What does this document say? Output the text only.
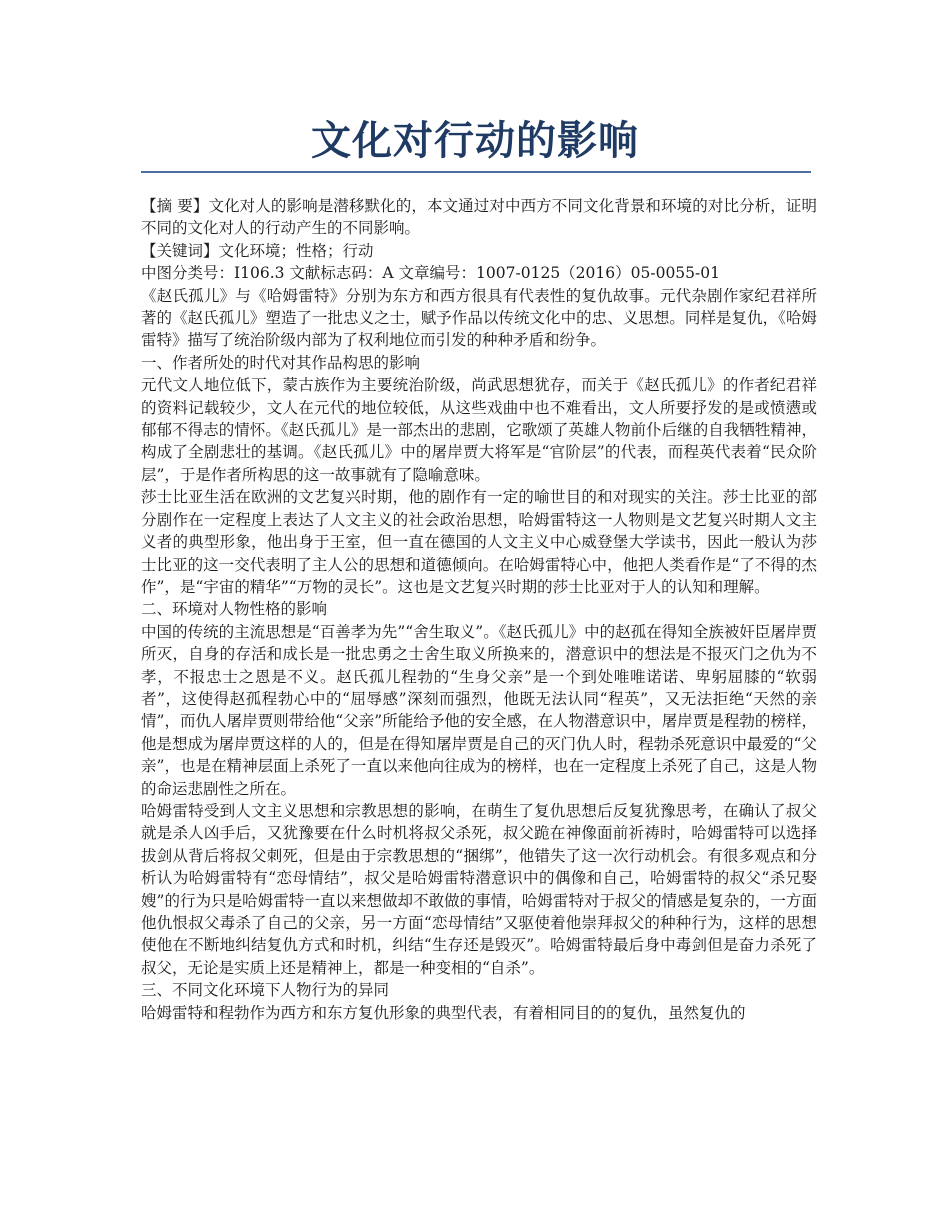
文化对行动的影响

【摘 要】文化对人的影响是潜移默化的，本文通过对中西方不同文化背景和环境的对比分析，证明不同的文化对人的行动产生的不同影响。

【关键词】文化环境；性格；行动

中图分类号：I106.3 文献标志码：A 文章编号：1007-0125（2016）05-0055-01

《赵氏孤儿》与《哈姆雷特》分别为东方和西方很具有代表性的复仇故事。元代杂剧作家纪君祥所著的《赵氏孤儿》塑造了一批忠义之士，赋予作品以传统文化中的忠、义思想。同样是复仇，《哈姆雷特》描写了统治阶级内部为了权利地位而引发的种种矛盾和纷争。

一、作者所处的时代对其作品构思的影响

元代文人地位低下，蒙古族作为主要统治阶级，尚武思想犹存，而关于《赵氏孤儿》的作者纪君祥的资料记载较少，文人在元代的地位较低，从这些戏曲中也不难看出，文人所要抒发的是或愤懑或郁郁不得志的情怀。《赵氏孤儿》是一部杰出的悲剧，它歌颂了英雄人物前仆后继的自我牺牲精神，构成了全剧悲壮的基调。《赵氏孤儿》中的屠岸贾大将军是“官阶层”的代表，而程英代表着“民众阶层”，于是作者所构思的这一故事就有了隐喻意味。

莎士比亚生活在欧洲的文艺复兴时期，他的剧作有一定的喻世目的和对现实的关注。莎士比亚的部分剧作在一定程度上表达了人文主义的社会政治思想，哈姆雷特这一人物则是文艺复兴时期人文主义者的典型形象，他出身于王室，但一直在德国的人文主义中心威登堡大学读书，因此一般认为莎士比亚的这一交代表明了主人公的思想和道德倾向。在哈姆雷特心中，他把人类看作是“了不得的杰作”，是“宇宙的精华”“万物的灵长”。这也是文艺复兴时期的莎士比亚对于人的认知和理解。

二、环境对人物性格的影响

中国的传统的主流思想是“百善孝为先”“舍生取义”。《赵氏孤儿》中的赵孤在得知全族被奸臣屠岸贾所灭，自身的存活和成长是一批忠勇之士舍生取义所换来的，潜意识中的想法是不报灭门之仇为不孝，不报忠士之恩是不义。赵氏孤儿程勃的“生身父亲”是一个到处唯唯诺诺、卑躬屈膝的“软弱者”，这使得赵孤程勃心中的“屈辱感”深刻而强烈，他既无法认同“程英”，又无法拒绝“天然的亲情”，而仇人屠岸贾则带给他“父亲”所能给予他的安全感，在人物潜意识中，屠岸贾是程勃的榜样，他是想成为屠岸贾这样的人的，但是在得知屠岸贾是自己的灭门仇人时，程勃杀死意识中最爱的“父亲”，也是在精神层面上杀死了一直以来他向往成为的榜样，也在一定程度上杀死了自己，这是人物的命运悲剧性之所在。

哈姆雷特受到人文主义思想和宗教思想的影响，在萌生了复仇思想后反复犹豫思考，在确认了叔父就是杀人凶手后，又犹豫要在什么时机将叔父杀死，叔父跪在神像面前祈祷时，哈姆雷特可以选择拔剑从背后将叔父刺死，但是由于宗教思想的“捆绑”，他错失了这一次行动机会。有很多观点和分析认为哈姆雷特有“恋母情结”，叔父是哈姆雷特潜意识中的偶像和自己，哈姆雷特的叔父“杀兄娶嫂”的行为只是哈姆雷特一直以来想做却不敢做的事情，哈姆雷特对于叔父的情感是复杂的，一方面他仇恨叔父毒杀了自己的父亲，另一方面“恋母情结”又驱使着他崇拜叔父的种种行为，这样的思想使他在不断地纠结复仇方式和时机，纠结“生存还是毁灭”。哈姆雷特最后身中毒剑但是奋力杀死了叔父，无论是实质上还是精神上，都是一种变相的“自杀”。

三、不同文化环境下人物行为的异同

哈姆雷特和程勃作为西方和东方复仇形象的典型代表，有着相同目的的复仇，虽然复仇的
